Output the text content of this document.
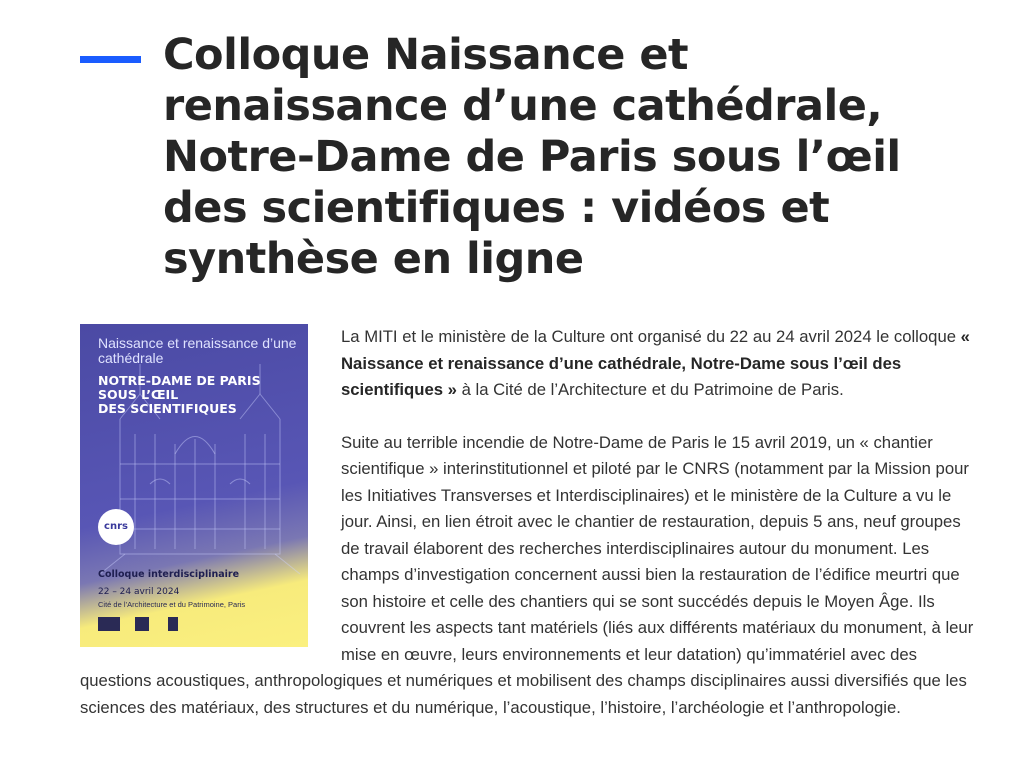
Colloque Naissance et renaissance d’une cathédrale, Notre-Dame de Paris sous l’œil des scientifiques : vidéos et synthèse en ligne
Naissance et renaissance d’une cathédrale
NOTRE-DAME DE PARIS
SOUS L’ŒIL
DES SCIENTIFIQUES
cnrs
Colloque interdisciplinaire
22 – 24 avril 2024
Cité de l’Architecture et du Patrimoine, Paris

La MITI et le ministère de la Culture ont organisé du 22 au 24 avril 2024 le colloque « Naissance et renaissance d’une cathédrale, Notre-Dame sous l’œil des scientifiques » à la Cité de l’Architecture et du Patrimoine de Paris.

Suite au terrible incendie de Notre-Dame de Paris le 15 avril 2019, un « chantier scientifique » interinstitutionnel et piloté par le CNRS (notamment par la Mission pour les Initiatives Transverses et Interdisciplinaires) et le ministère de la Culture a vu le jour. Ainsi, en lien étroit avec le chantier de restauration, depuis 5 ans, neuf groupes de travail élaborent des recherches interdisciplinaires autour du monument. Les champs d’investigation concernent aussi bien la restauration de l’édifice meurtri que son histoire et celle des chantiers qui se sont succédés depuis le Moyen Âge. Ils couvrent les aspects tant matériels (liés aux différents matériaux du monument, à leur mise en œuvre, leurs environnements et leur datation) qu’immatériel avec des questions acoustiques, anthropologiques et numériques et mobilisent des champs disciplinaires aussi diversifiés que les sciences des matériaux, des structures et du numérique, l’acoustique, l’histoire, l’archéologie et l’anthropologie.
